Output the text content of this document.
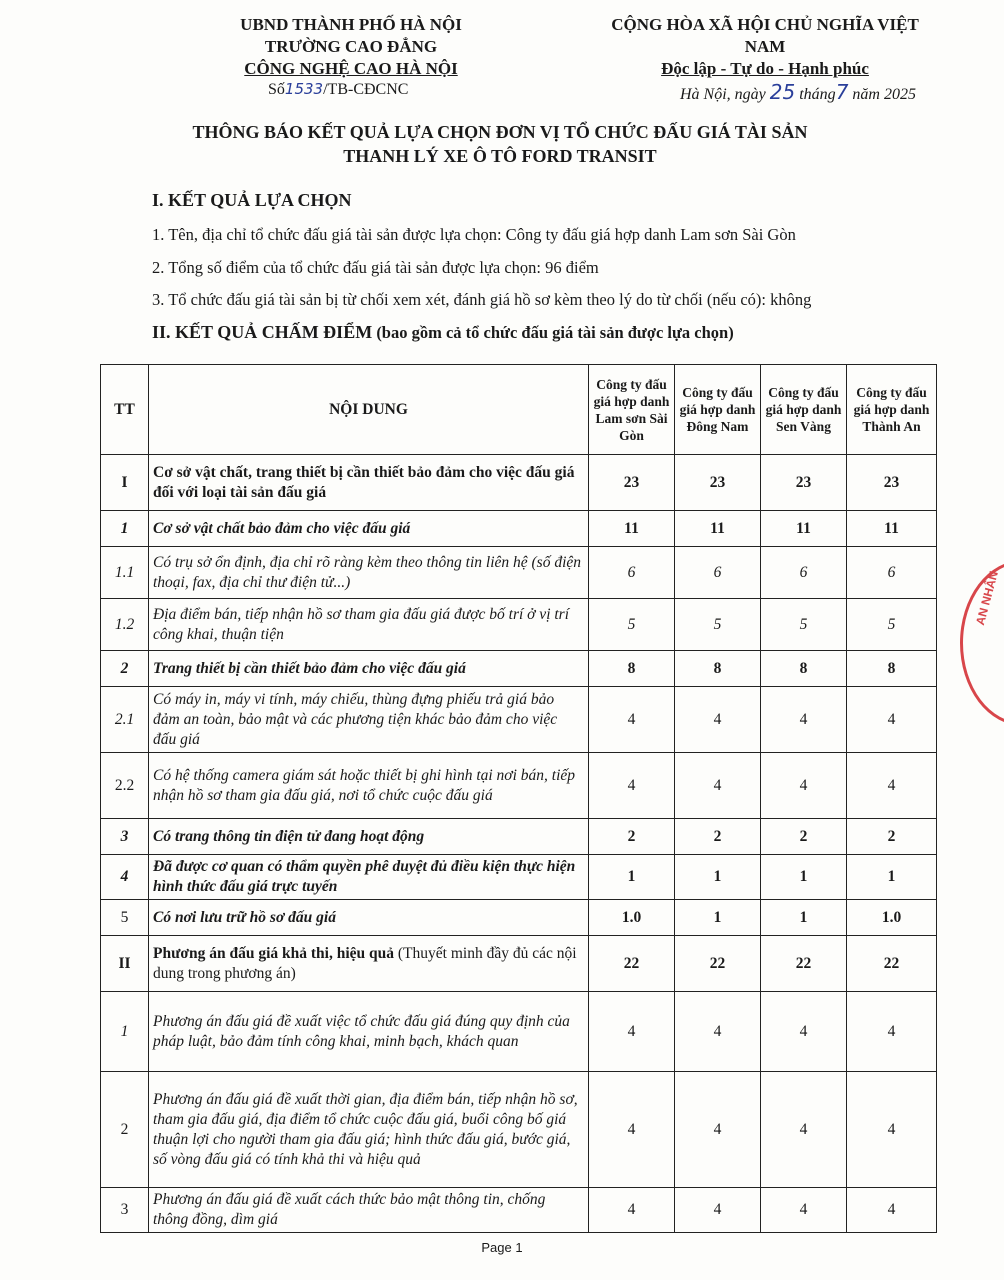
UBND THÀNH PHỐ HÀ NỘI
TRƯỜNG CAO ĐẲNG
CÔNG NGHỆ CAO HÀ NỘI
Số1533/TB-CĐCNC
CỘNG HÒA XÃ HỘI CHỦ NGHĨA VIỆT NAM
Độc lập - Tự do - Hạnh phúc
Hà Nội, ngày 25 tháng7 năm 2025
THÔNG BÁO KẾT QUẢ LỰA CHỌN ĐƠN VỊ TỔ CHỨC ĐẤU GIÁ TÀI SẢN
THANH LÝ XE Ô TÔ FORD TRANSIT
I. KẾT QUẢ LỰA CHỌN
1. Tên, địa chỉ tổ chức đấu giá tài sản được lựa chọn: Công ty đấu giá hợp danh Lam sơn Sài Gòn
2. Tổng số điểm của tổ chức đấu giá tài sản được lựa chọn: 96 điểm
3. Tổ chức đấu giá tài sản bị từ chối xem xét, đánh giá hồ sơ kèm theo lý do từ chối (nếu có): không
II. KẾT QUẢ CHẤM ĐIỂM (bao gồm cả tổ chức đấu giá tài sản được lựa chọn)
TT	NỘI DUNG	Công ty đấu giá hợp danh Lam sơn Sài Gòn	Công ty đấu giá hợp danh Đông Nam	Công ty đấu giá hợp danh Sen Vàng	Công ty đấu giá hợp danh Thành An
I	Cơ sở vật chất, trang thiết bị cần thiết bảo đảm cho việc đấu giá đối với loại tài sản đấu giá	23	23	23	23
1	Cơ sở vật chất bảo đảm cho việc đấu giá	11	11	11	11
1.1	Có trụ sở ổn định, địa chỉ rõ ràng kèm theo thông tin liên hệ (số điện thoại, fax, địa chỉ thư điện tử...)	6	6	6	6
1.2	Địa điểm bán, tiếp nhận hồ sơ tham gia đấu giá được bố trí ở vị trí công khai, thuận tiện	5	5	5	5
2	Trang thiết bị cần thiết bảo đảm cho việc đấu giá	8	8	8	8
2.1	Có máy in, máy vi tính, máy chiếu, thùng đựng phiếu trả giá bảo đảm an toàn, bảo mật và các phương tiện khác bảo đảm cho việc đấu giá	4	4	4	4
2.2	Có hệ thống camera giám sát hoặc thiết bị ghi hình tại nơi bán, tiếp nhận hồ sơ tham gia đấu giá, nơi tổ chức cuộc đấu giá	4	4	4	4
3	Có trang thông tin điện tử đang hoạt động	2	2	2	2
4	Đã được cơ quan có thẩm quyền phê duyệt đủ điều kiện thực hiện hình thức đấu giá trực tuyến	1	1	1	1
5	Có nơi lưu trữ hồ sơ đấu giá	1.0	1	1	1.0
II	Phương án đấu giá khả thi, hiệu quả (Thuyết minh đầy đủ các nội dung trong phương án)	22	22	22	22
1	Phương án đấu giá đề xuất việc tổ chức đấu giá đúng quy định của pháp luật, bảo đảm tính công khai, minh bạch, khách quan	4	4	4	4
2	Phương án đấu giá đề xuất thời gian, địa điểm bán, tiếp nhận hồ sơ, tham gia đấu giá, địa điểm tổ chức cuộc đấu giá, buổi công bố giá thuận lợi cho người tham gia đấu giá; hình thức đấu giá, bước giá, số vòng đấu giá có tính khả thi và hiệu quả	4	4	4	4
3	Phương án đấu giá đề xuất cách thức bảo mật thông tin, chống thông đồng, dìm giá	4	4	4	4
AN NHÂN
Page 1
